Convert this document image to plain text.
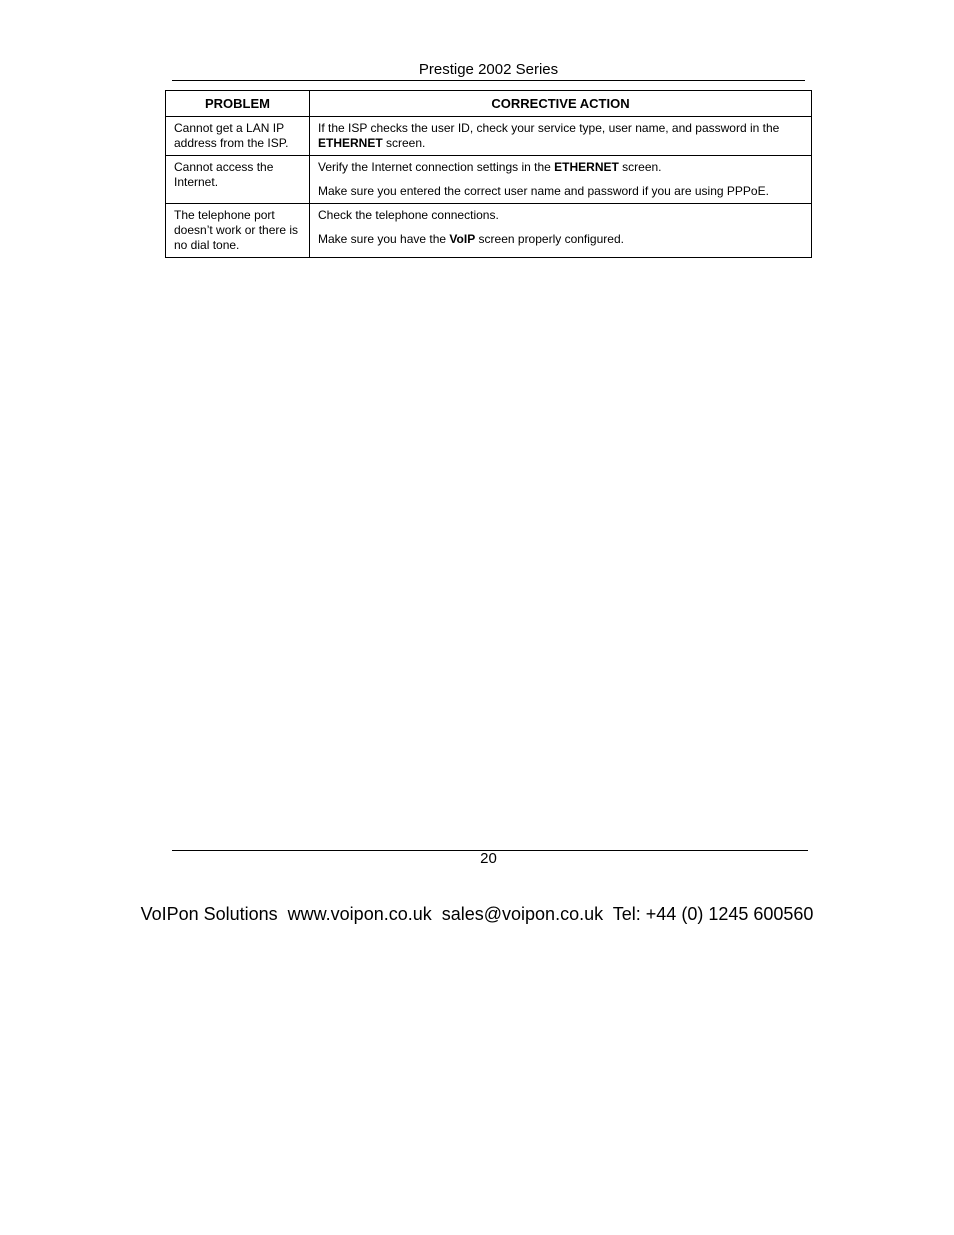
Prestige 2002 Series
PROBLEM	CORRECTIVE ACTION
Cannot get a LAN IP address from the ISP.	If the ISP checks the user ID, check your service type, user name, and password in the ETHERNET screen.

Cannot access the Internet.	Verify the Internet connection settings in the ETHERNET screen.

Make sure you entered the correct user name and password if you are using PPPoE.

The telephone port doesn’t work or there is no dial tone.	Check the telephone connections.

Make sure you have the VoIP screen properly configured.

20
VoIPon Solutions  www.voipon.co.uk  sales@voipon.co.uk  Tel: +44 (0) 1245 600560
